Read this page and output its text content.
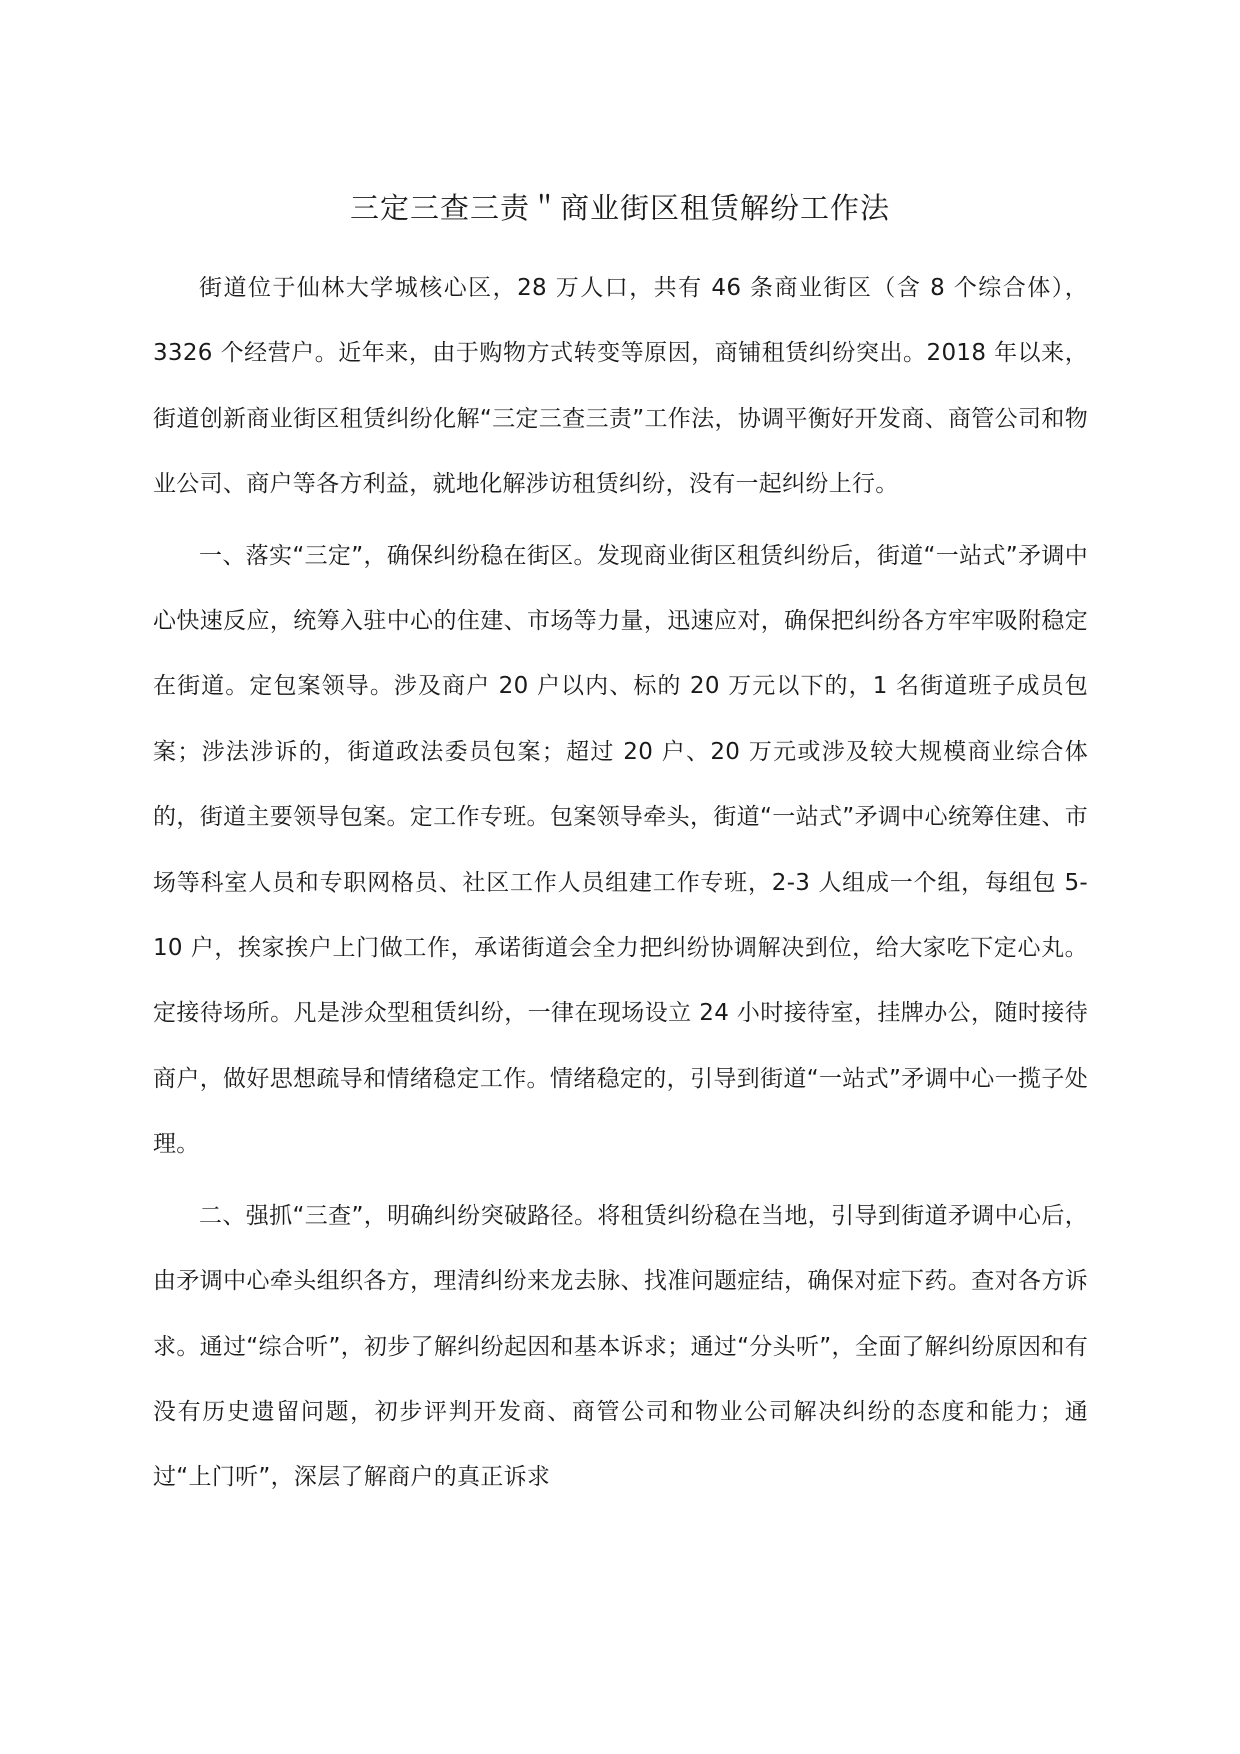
三定三查三责＂商业街区租赁解纷工作法

街道位于仙林大学城核心区，28 万人口，共有 46 条商业街区（含 8 个综合体），3326 个经营户。近年来，由于购物方式转变等原因，商铺租赁纠纷突出。2018 年以来，街道创新商业街区租赁纠纷化解“三定三查三责”工作法，协调平衡好开发商、商管公司和物业公司、商户等各方利益，就地化解涉访租赁纠纷，没有一起纠纷上行。

一、落实“三定”，确保纠纷稳在街区。发现商业街区租赁纠纷后，街道“一站式”矛调中心快速反应，统筹入驻中心的住建、市场等力量，迅速应对，确保把纠纷各方牢牢吸附稳定在街道。定包案领导。涉及商户 20 户以内、标的 20 万元以下的，1 名街道班子成员包案；涉法涉诉的，街道政法委员包案；超过 20 户、20 万元或涉及较大规模商业综合体的，街道主要领导包案。定工作专班。包案领导牵头，街道“一站式”矛调中心统筹住建、市场等科室人员和专职网格员、社区工作人员组建工作专班，2-3 人组成一个组，每组包 5-10 户，挨家挨户上门做工作，承诺街道会全力把纠纷协调解决到位，给大家吃下定心丸。定接待场所。凡是涉众型租赁纠纷，一律在现场设立 24 小时接待室，挂牌办公，随时接待商户，做好思想疏导和情绪稳定工作。情绪稳定的，引导到街道“一站式”矛调中心一揽子处理。

二、强抓“三查”，明确纠纷突破路径。将租赁纠纷稳在当地，引导到街道矛调中心后，由矛调中心牵头组织各方，理清纠纷来龙去脉、找准问题症结，确保对症下药。查对各方诉求。通过“综合听”，初步了解纠纷起因和基本诉求；通过“分头听”，全面了解纠纷原因和有没有历史遗留问题，初步评判开发商、商管公司和物业公司解决纠纷的态度和能力；通过“上门听”，深层了解商户的真正诉求
